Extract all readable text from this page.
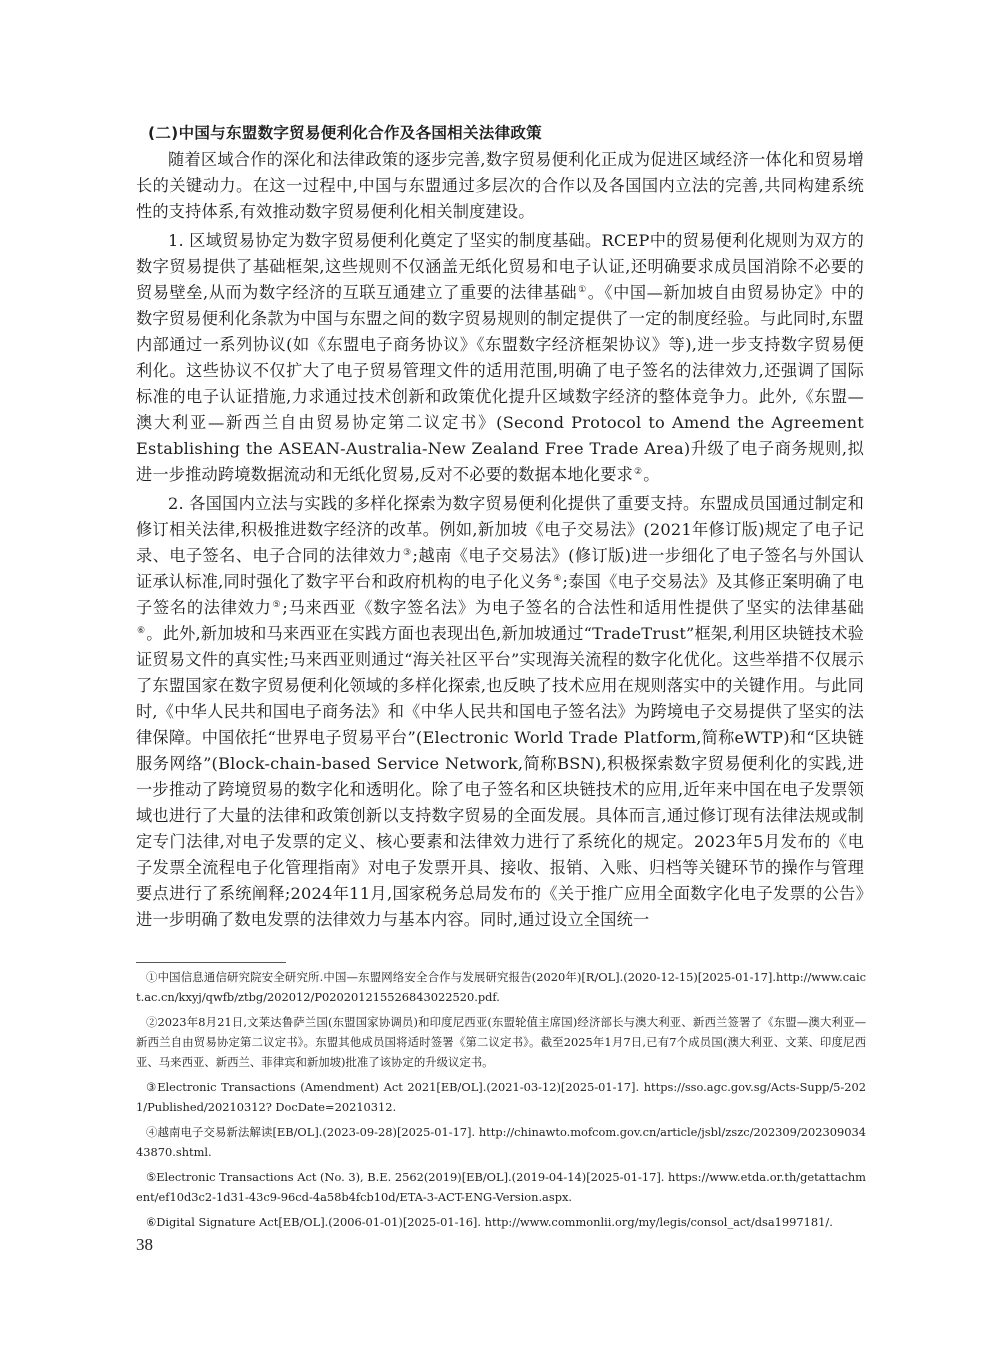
(二)中国与东盟数字贸易便利化合作及各国相关法律政策

随着区域合作的深化和法律政策的逐步完善,数字贸易便利化正成为促进区域经济一体化和贸易增长的关键动力。在这一过程中,中国与东盟通过多层次的合作以及各国国内立法的完善,共同构建系统性的支持体系,有效推动数字贸易便利化相关制度建设。

1. 区域贸易协定为数字贸易便利化奠定了坚实的制度基础。RCEP中的贸易便利化规则为双方的数字贸易提供了基础框架,这些规则不仅涵盖无纸化贸易和电子认证,还明确要求成员国消除不必要的贸易壁垒,从而为数字经济的互联互通建立了重要的法律基础①。《中国—新加坡自由贸易协定》中的数字贸易便利化条款为中国与东盟之间的数字贸易规则的制定提供了一定的制度经验。与此同时,东盟内部通过一系列协议(如《东盟电子商务协议》《东盟数字经济框架协议》等),进一步支持数字贸易便利化。这些协议不仅扩大了电子贸易管理文件的适用范围,明确了电子签名的法律效力,还强调了国际标准的电子认证措施,力求通过技术创新和政策优化提升区域数字经济的整体竞争力。此外,《东盟—澳大利亚—新西兰自由贸易协定第二议定书》(Second Protocol to Amend the Agreement Establishing the ASEAN-Australia-New Zealand Free Trade Area)升级了电子商务规则,拟进一步推动跨境数据流动和无纸化贸易,反对不必要的数据本地化要求②。

2. 各国国内立法与实践的多样化探索为数字贸易便利化提供了重要支持。东盟成员国通过制定和修订相关法律,积极推进数字经济的改革。例如,新加坡《电子交易法》(2021年修订版)规定了电子记录、电子签名、电子合同的法律效力③;越南《电子交易法》(修订版)进一步细化了电子签名与外国认证承认标准,同时强化了数字平台和政府机构的电子化义务④;泰国《电子交易法》及其修正案明确了电子签名的法律效力⑤;马来西亚《数字签名法》为电子签名的合法性和适用性提供了坚实的法律基础⑥。此外,新加坡和马来西亚在实践方面也表现出色,新加坡通过“TradeTrust”框架,利用区块链技术验证贸易文件的真实性;马来西亚则通过“海关社区平台”实现海关流程的数字化优化。这些举措不仅展示了东盟国家在数字贸易便利化领域的多样化探索,也反映了技术应用在规则落实中的关键作用。与此同时,《中华人民共和国电子商务法》和《中华人民共和国电子签名法》为跨境电子交易提供了坚实的法律保障。中国依托“世界电子贸易平台”(Electronic World Trade Platform,简称eWTP)和“区块链服务网络”(Block-chain-based Service Network,简称BSN),积极探索数字贸易便利化的实践,进一步推动了跨境贸易的数字化和透明化。除了电子签名和区块链技术的应用,近年来中国在电子发票领域也进行了大量的法律和政策创新以支持数字贸易的全面发展。具体而言,通过修订现有法律法规或制定专门法律,对电子发票的定义、核心要素和法律效力进行了系统化的规定。2023年5月发布的《电子发票全流程电子化管理指南》对电子发票开具、接收、报销、入账、归档等关键环节的操作与管理要点进行了系统阐释;2024年11月,国家税务总局发布的《关于推广应用全面数字化电子发票的公告》进一步明确了数电发票的法律效力与基本内容。同时,通过设立全国统一

①中国信息通信研究院安全研究所.中国—东盟网络安全合作与发展研究报告(2020年)[R/OL].(2020-12-15)[2025-01-17].http://www.caict.ac.cn/kxyj/qwfb/ztbg/202012/P020201215526843022520.pdf.

②2023年8月21日,文莱达鲁萨兰国(东盟国家协调员)和印度尼西亚(东盟轮值主席国)经济部长与澳大利亚、新西兰签署了《东盟—澳大利亚—新西兰自由贸易协定第二议定书》。东盟其他成员国将适时签署《第二议定书》。截至2025年1月7日,已有7个成员国(澳大利亚、文莱、印度尼西亚、马来西亚、新西兰、菲律宾和新加坡)批准了该协定的升级议定书。

③Electronic Transactions (Amendment) Act 2021[EB/OL].(2021-03-12)[2025-01-17]. https://sso.agc.gov.sg/Acts-Supp/5-2021/Published/20210312? DocDate=20210312.

④越南电子交易新法解读[EB/OL].(2023-09-28)[2025-01-17]. http://chinawto.mofcom.gov.cn/article/jsbl/zszc/202309/20230903443870.shtml.

⑤Electronic Transactions Act (No. 3), B.E. 2562(2019)[EB/OL].(2019-04-14)[2025-01-17]. https://www.etda.or.th/getattachment/ef10d3c2-1d31-43c9-96cd-4a58b4fcb10d/ETA-3-ACT-ENG-Version.aspx.

⑥Digital Signature Act[EB/OL].(2006-01-01)[2025-01-16]. http://www.commonlii.org/my/legis/consol_act/dsa1997181/.

38
